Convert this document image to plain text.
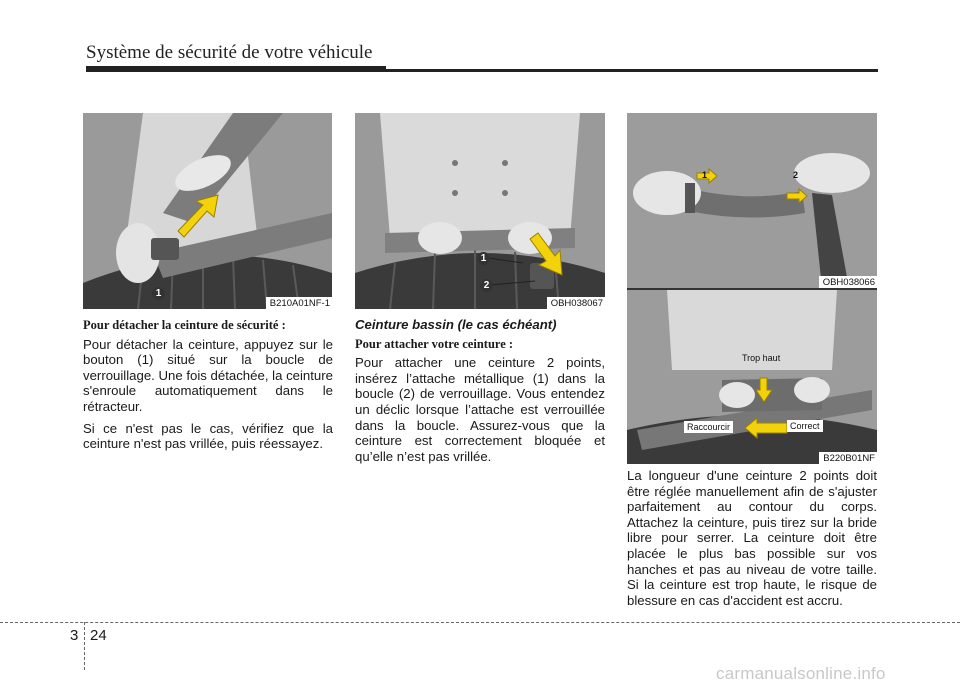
Système de sécurité de votre véhicule
1
B210A01NF-1
1
2
OBH038067
1	2
OBH038066
Trop haut
Raccourcir	Correct
B220B01NF
Pour détacher la ceinture de sécurité :

Pour détacher la ceinture, appuyez sur le bouton (1) situé sur la boucle de verrouillage. Une fois détachée, la ceinture s'enroule automatiquement dans le rétracteur.

Si ce n'est pas le cas, vérifiez que la ceinture n'est pas vrillée, puis réessayez.

Ceinture bassin (le cas échéant)
Pour attacher votre ceinture :

Pour attacher une ceinture 2 points, insérez l’attache métallique (1) dans la boucle (2) de verrouillage. Vous entendez un déclic lorsque l’attache est verrouillée dans la boucle. Assurez-vous que la ceinture est correctement bloquée et qu’elle n’est pas vrillée.

La longueur d'une ceinture 2 points doit être réglée manuellement afin de s'ajuster parfaitement au contour du corps. Attachez la ceinture, puis tirez sur la bride libre pour serrer. La ceinture doit être placée le plus bas possible sur vos hanches et pas au niveau de votre taille. Si la ceinture est trop haute, le risque de blessure en cas d'accident est accru.

3 24
carmanualsonline.info
